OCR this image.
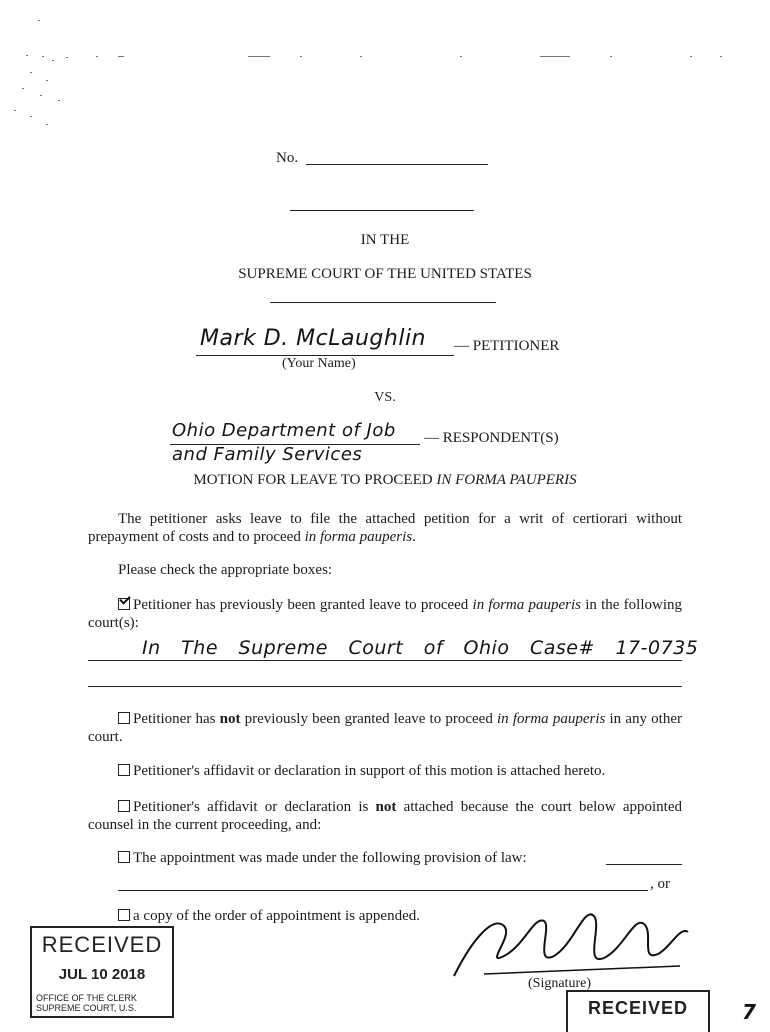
No.
IN THE
SUPREME COURT OF THE UNITED STATES
Mark D. McLaughlin — PETITIONER
(Your Name)
VS.
Ohio Department of Job
and Family Services
— RESPONDENT(S)
MOTION FOR LEAVE TO PROCEED IN FORMA PAUPERIS
The petitioner asks leave to file the attached petition for a writ of certiorari without prepayment of costs and to proceed in forma pauperis.
Please check the appropriate boxes:
Petitioner has previously been granted leave to proceed in forma pauperis in the following court(s):
In The Supreme Court of Ohio Case# 17-0735
Petitioner has not previously been granted leave to proceed in forma pauperis in any other court.
Petitioner's affidavit or declaration in support of this motion is attached hereto.
Petitioner's affidavit or declaration is not attached because the court below appointed counsel in the current proceeding, and:
The appointment was made under the following provision of law:
, or
a copy of the order of appointment is appended.
(Signature)
RECEIVED
JUL 10 2018
OFFICE OF THE CLERK
SUPREME COURT, U.S.	RECEIVED	7
